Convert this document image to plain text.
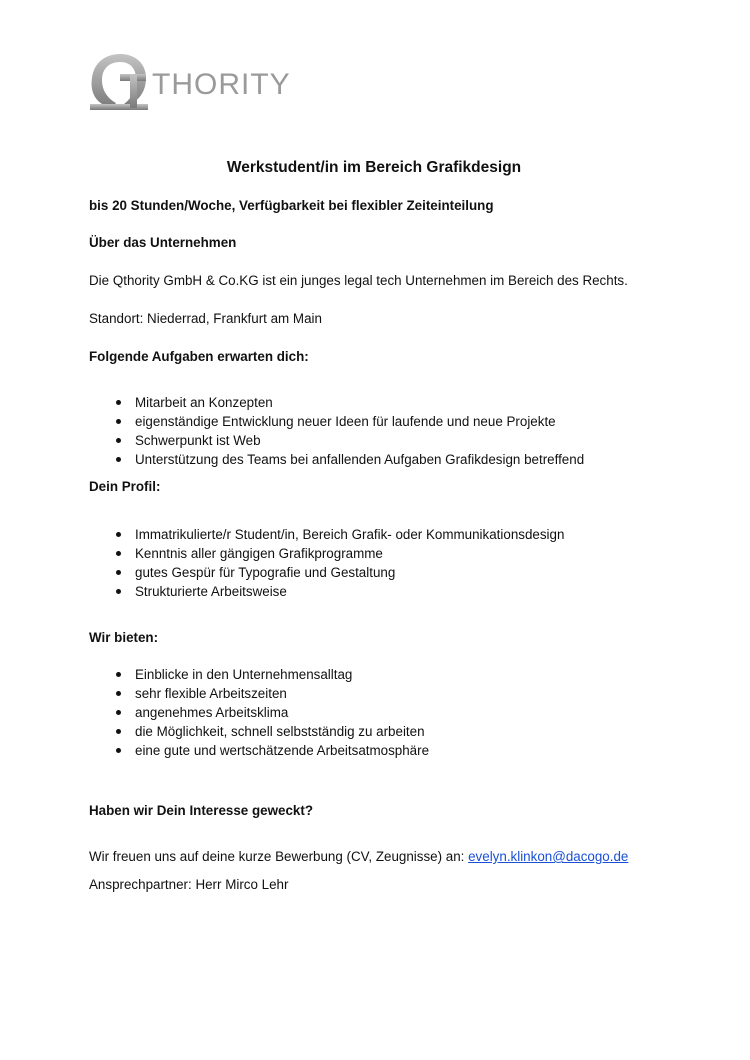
THORITY

Werkstudent/in im Bereich Grafikdesign

bis 20 Stunden/Woche, Verfügbarkeit bei flexibler Zeiteinteilung

Über das Unternehmen

Die Qthority GmbH & Co.KG ist ein junges legal tech Unternehmen im Bereich des Rechts.

Standort: Niederrad, Frankfurt am Main

Folgende Aufgaben erwarten dich:

Mitarbeit an Konzepten
eigenständige Entwicklung neuer Ideen für laufende und neue Projekte
Schwerpunkt ist Web
Unterstützung des Teams bei anfallenden Aufgaben Grafikdesign betreffend

Dein Profil:

Immatrikulierte/r Student/in, Bereich Grafik- oder Kommunikationsdesign
Kenntnis aller gängigen Grafikprogramme
gutes Gespür für Typografie und Gestaltung
Strukturierte Arbeitsweise

Wir bieten:

Einblicke in den Unternehmensalltag
sehr flexible Arbeitszeiten
angenehmes Arbeitsklima
die Möglichkeit, schnell selbstständig zu arbeiten
eine gute und wertschätzende Arbeitsatmosphäre

Haben wir Dein Interesse geweckt?

Wir freuen uns auf deine kurze Bewerbung (CV, Zeugnisse) an: evelyn.klinkon@dacogo.de

Ansprechpartner: Herr Mirco Lehr
